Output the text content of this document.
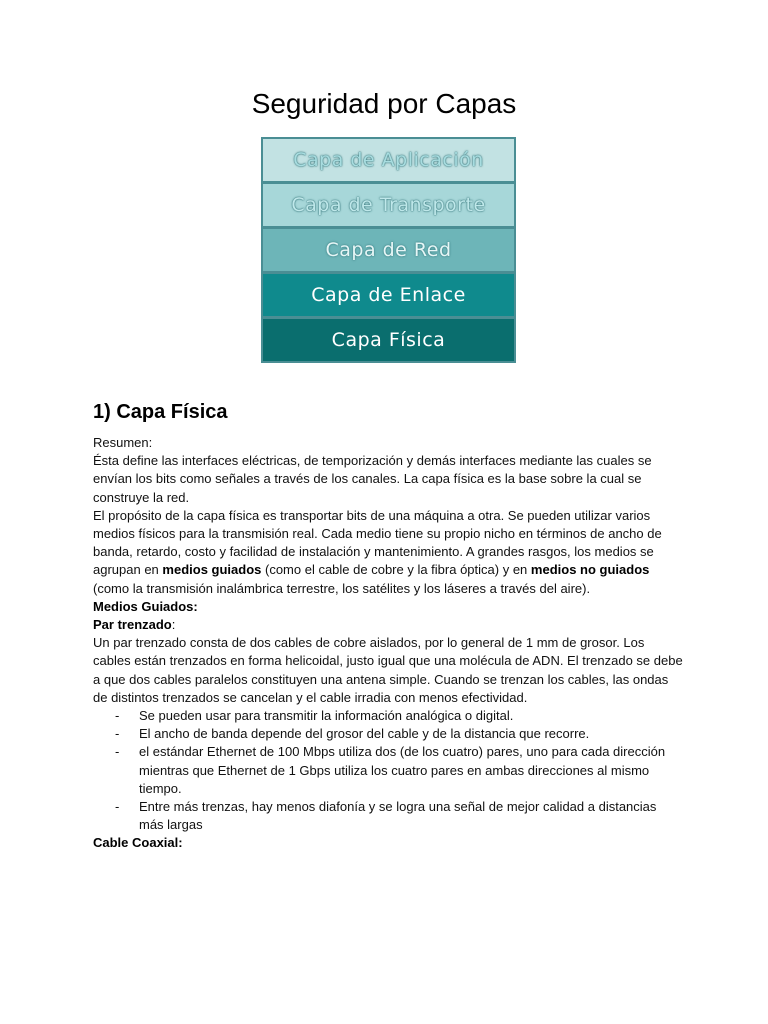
Seguridad por Capas
Capa de Aplicación
Capa de Transporte
Capa de Red
Capa de Enlace
Capa Física
1) Capa Física

Resumen:

Ésta define las interfaces eléctricas, de temporización y demás interfaces mediante las cuales se envían los bits como señales a través de los canales. La capa física es la base sobre la cual se construye la red.

El propósito de la capa física es transportar bits de una máquina a otra. Se pueden utilizar varios medios físicos para la transmisión real. Cada medio tiene su propio nicho en términos de ancho de banda, retardo, costo y facilidad de instalación y mantenimiento. A grandes rasgos, los medios se agrupan en medios guiados (como el cable de cobre y la fibra óptica) y en medios no guiados (como la transmisión inalámbrica terrestre, los satélites y los láseres a través del aire).

Medios Guiados:

Par trenzado:

Un par trenzado consta de dos cables de cobre aislados, por lo general de 1 mm de grosor. Los cables están trenzados en forma helicoidal, justo igual que una molécula de ADN. El trenzado se debe a que dos cables paralelos constituyen una antena simple. Cuando se trenzan los cables, las ondas de distintos trenzados se cancelan y el cable irradia con menos efectividad.

- Se pueden usar para transmitir la información analógica o digital.
- El ancho de banda depende del grosor del cable y de la distancia que recorre.
- el estándar Ethernet de 100 Mbps utiliza dos (de los cuatro) pares, uno para cada dirección mientras que Ethernet de 1 Gbps utiliza los cuatro pares en ambas direcciones al mismo tiempo.
- Entre más trenzas, hay menos diafonía y se logra una señal de mejor calidad a distancias más largas

Cable Coaxial:
